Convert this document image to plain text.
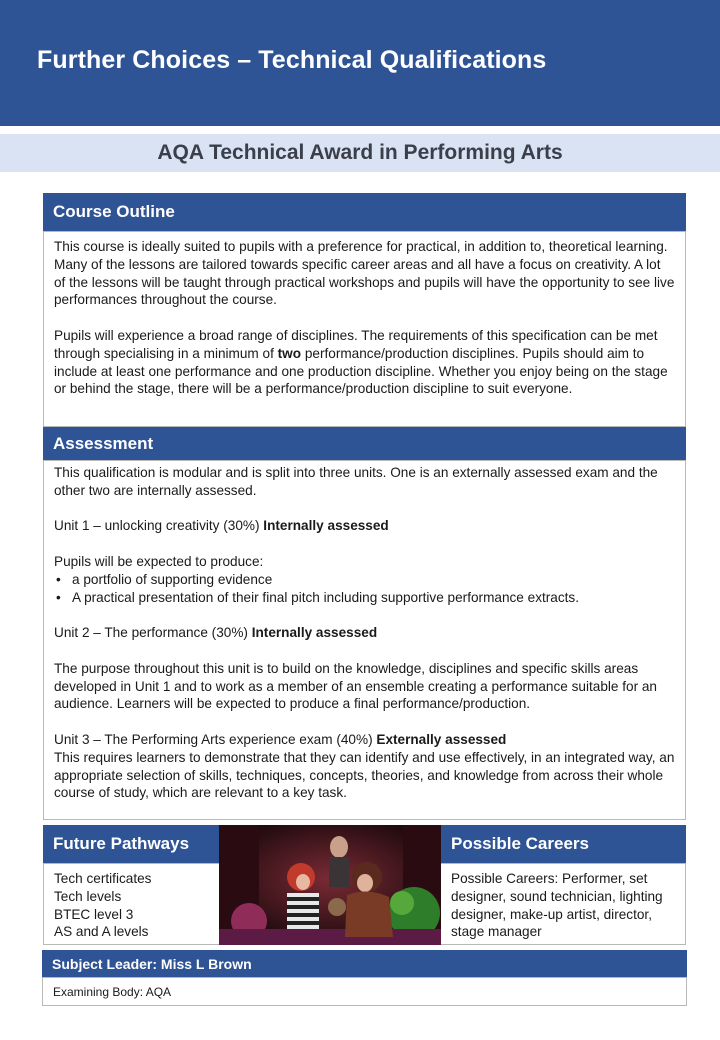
Further Choices – Technical Qualifications
AQA Technical Award in Performing Arts
Course Outline

This course is ideally suited to pupils with a preference for practical, in addition to, theoretical learning. Many of the lessons are tailored towards specific career areas and all have a focus on creativity. A lot of the lessons will be taught through practical workshops and pupils will have the opportunity to see live performances throughout the course.

Pupils will experience a broad range of disciplines. The requirements of this specification can be met through specialising in a minimum of two performance/production disciplines. Pupils should aim to include at least one performance and one production discipline. Whether you enjoy being on the stage or behind the stage, there will be a performance/production discipline to suit everyone.

Assessment

This qualification is modular and is split into three units. One is an externally assessed exam and the other two are internally assessed.

Unit 1 – unlocking creativity (30%) Internally assessed

Pupils will be expected to produce:

• a portfolio of supporting evidence
• A practical presentation of their final pitch including supportive performance extracts.

Unit 2 – The performance (30%) Internally assessed

The purpose throughout this unit is to build on the knowledge, disciplines and specific skills areas developed in Unit 1 and to work as a member of an ensemble creating a performance suitable for an audience. Learners will be expected to produce a final performance/production.

Unit 3 – The Performing Arts experience exam (40%) Externally assessed

This requires learners to demonstrate that they can identify and use effectively, in an integrated way, an appropriate selection of skills, techniques, concepts, theories, and knowledge from across their whole course of study, which are relevant to a key task.

Future Pathways

Tech certificates

Tech levels

BTEC level 3

AS and A levels

Possible Careers

Possible Careers: Performer, set designer, sound technician, lighting designer, make-up artist, director, stage manager

Subject Leader: Miss L Brown
Examining Body: AQA
